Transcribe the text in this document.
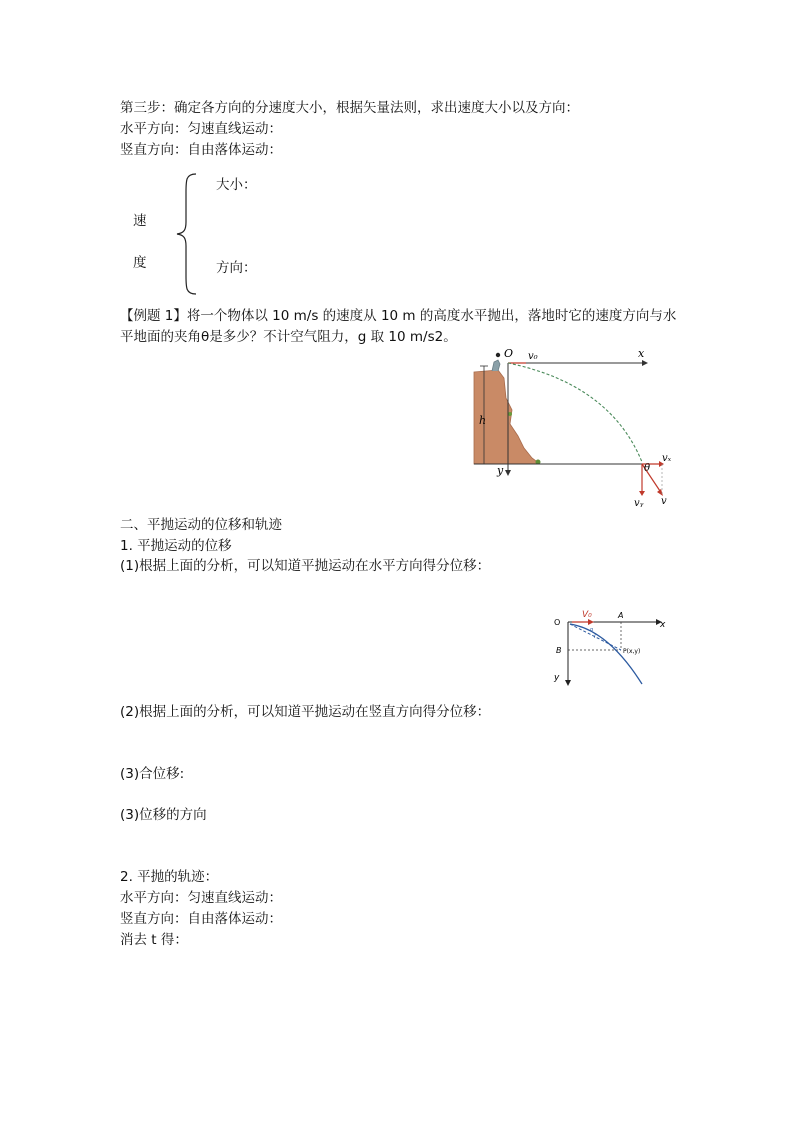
第三步：确定各方向的分速度大小，根据矢量法则，求出速度大小以及方向：
水平方向：匀速直线运动：
竖直方向：自由落体运动：
速
度
大小：
方向：
【例题 1】将一个物体以 10 m/s 的速度从 10 m 的高度水平抛出，落地时它的速度方向与水平地面的夹角θ是多少？不计空气阻力，g 取 10 m/s2。
h
O v₀	x
y	θ
vₓ
vᵧ v
二、平抛运动的位移和轨迹
1. 平抛运动的位移
(1)根据上面的分析，可以知道平抛运动在水平方向得分位移：
O
V₀	A
x
B	P(x,y)
y
α
l
(2)根据上面的分析，可以知道平抛运动在竖直方向得分位移：
(3)合位移:
(3)位移的方向
2. 平抛的轨迹：
水平方向：匀速直线运动：
竖直方向：自由落体运动：
消去 t 得：
